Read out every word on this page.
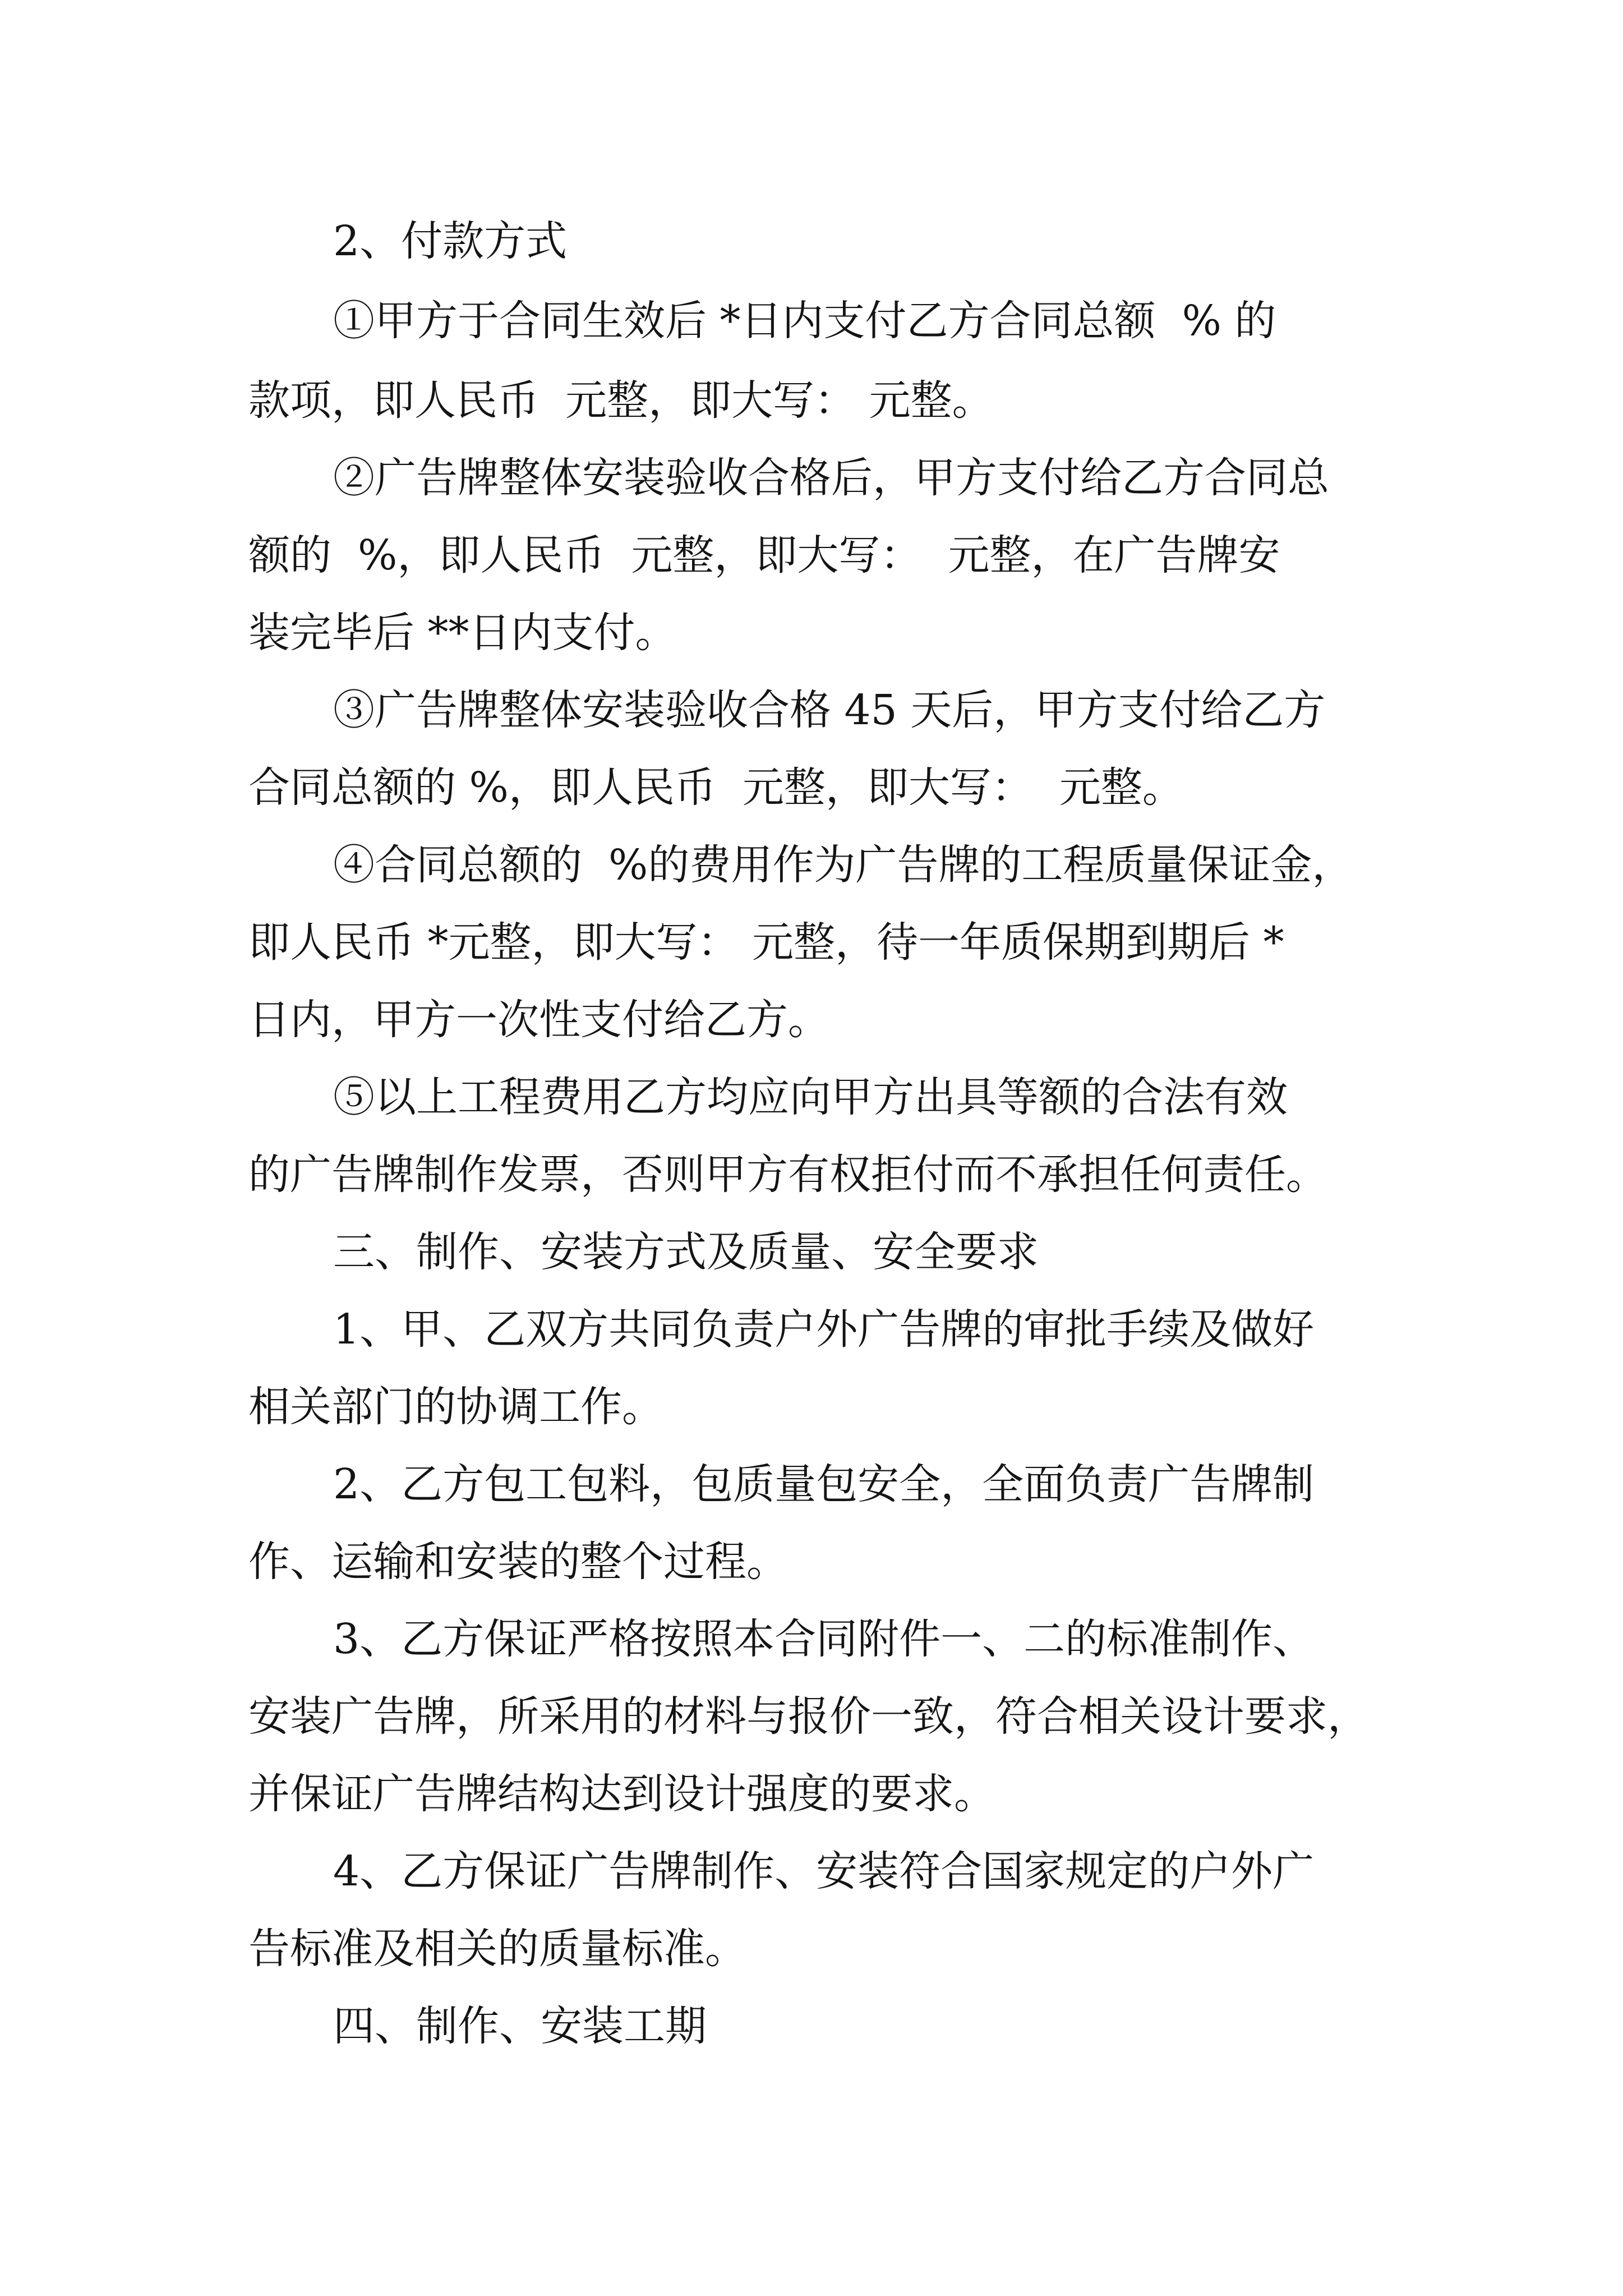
2、付款方式
①甲方于合同生效后 *日内支付乙方合同总额  % 的
款项，即人民币  元整，即大写： 元整。
②广告牌整体安装验收合格后，甲方支付给乙方合同总
额的  %，即人民币  元整，即大写：  元整，在广告牌安
装完毕后 **日内支付。
③广告牌整体安装验收合格 45 天后，甲方支付给乙方
合同总额的 %，即人民币  元整，即大写：  元整。
④合同总额的  %的费用作为广告牌的工程质量保证金，
即人民币 *元整，即大写： 元整，待一年质保期到期后 *
日内，甲方一次性支付给乙方。
⑤以上工程费用乙方均应向甲方出具等额的合法有效
的广告牌制作发票，否则甲方有权拒付而不承担任何责任。
三、制作、安装方式及质量、安全要求
1、甲、乙双方共同负责户外广告牌的审批手续及做好
相关部门的协调工作。
2、乙方包工包料，包质量包安全，全面负责广告牌制
作、运输和安装的整个过程。
3、乙方保证严格按照本合同附件一、二的标准制作、
安装广告牌，所采用的材料与报价一致，符合相关设计要求，
并保证广告牌结构达到设计强度的要求。
4、乙方保证广告牌制作、安装符合国家规定的户外广
告标准及相关的质量标准。
四、制作、安装工期
